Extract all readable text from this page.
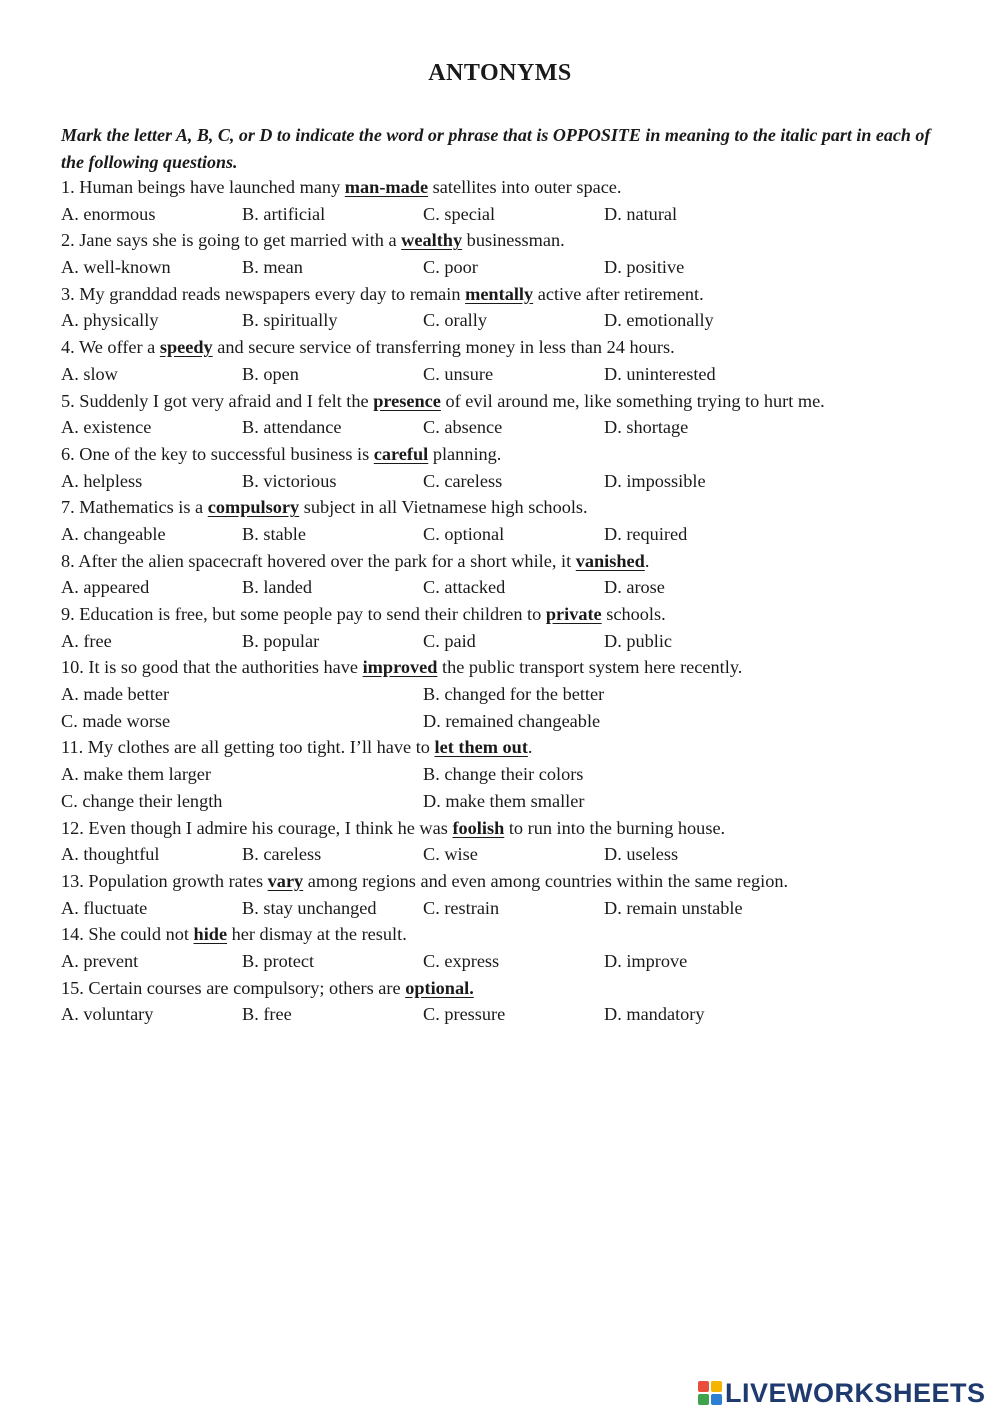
ANTONYMS
Mark the letter A, B, C, or D to indicate the word or phrase that is OPPOSITE in meaning to the italic part in each of the following questions.
1. Human beings have launched many man-made satellites into outer space.
A. enormous	B. artificial	C. special	D. natural
2. Jane says she is going to get married with a wealthy businessman.
A. well-known	B. mean	C. poor	D. positive
3. My granddad reads newspapers every day to remain mentally active after retirement.
A. physically	B. spiritually	C. orally	D. emotionally
4. We offer a speedy and secure service of transferring money in less than 24 hours.
A. slow	B. open	C. unsure	D. uninterested
5. Suddenly I got very afraid and I felt the presence of evil around me, like something trying to hurt me.
A. existence	B. attendance	C. absence	D. shortage
6. One of the key to successful business is careful planning.
A. helpless	B. victorious	C. careless	D. impossible
7. Mathematics is a compulsory subject in all Vietnamese high schools.
A. changeable	B. stable	C. optional	D. required
8. After the alien spacecraft hovered over the park for a short while, it vanished.
A. appeared	B. landed	C. attacked	D. arose
9. Education is free, but some people pay to send their children to private schools.
A. free	B. popular	C. paid	D. public
10. It is so good that the authorities have improved the public transport system here recently.
A. made better	B. changed for the better
C. made worse	D. remained changeable
11. My clothes are all getting too tight. I’ll have to let them out.
A. make them larger	B. change their colors
C. change their length	D. make them smaller
12. Even though I admire his courage, I think he was foolish to run into the burning house.
A. thoughtful	B. careless	C. wise	D. useless
13. Population growth rates vary among regions and even among countries within the same region.
A. fluctuate	B. stay unchanged	C. restrain	D. remain unstable
14. She could not hide her dismay at the result.
A. prevent	B. protect	C. express	D. improve
15. Certain courses are compulsory; others are optional.
A. voluntary	B. free	C. pressure	D. mandatory
LIVEWORKSHEETS
